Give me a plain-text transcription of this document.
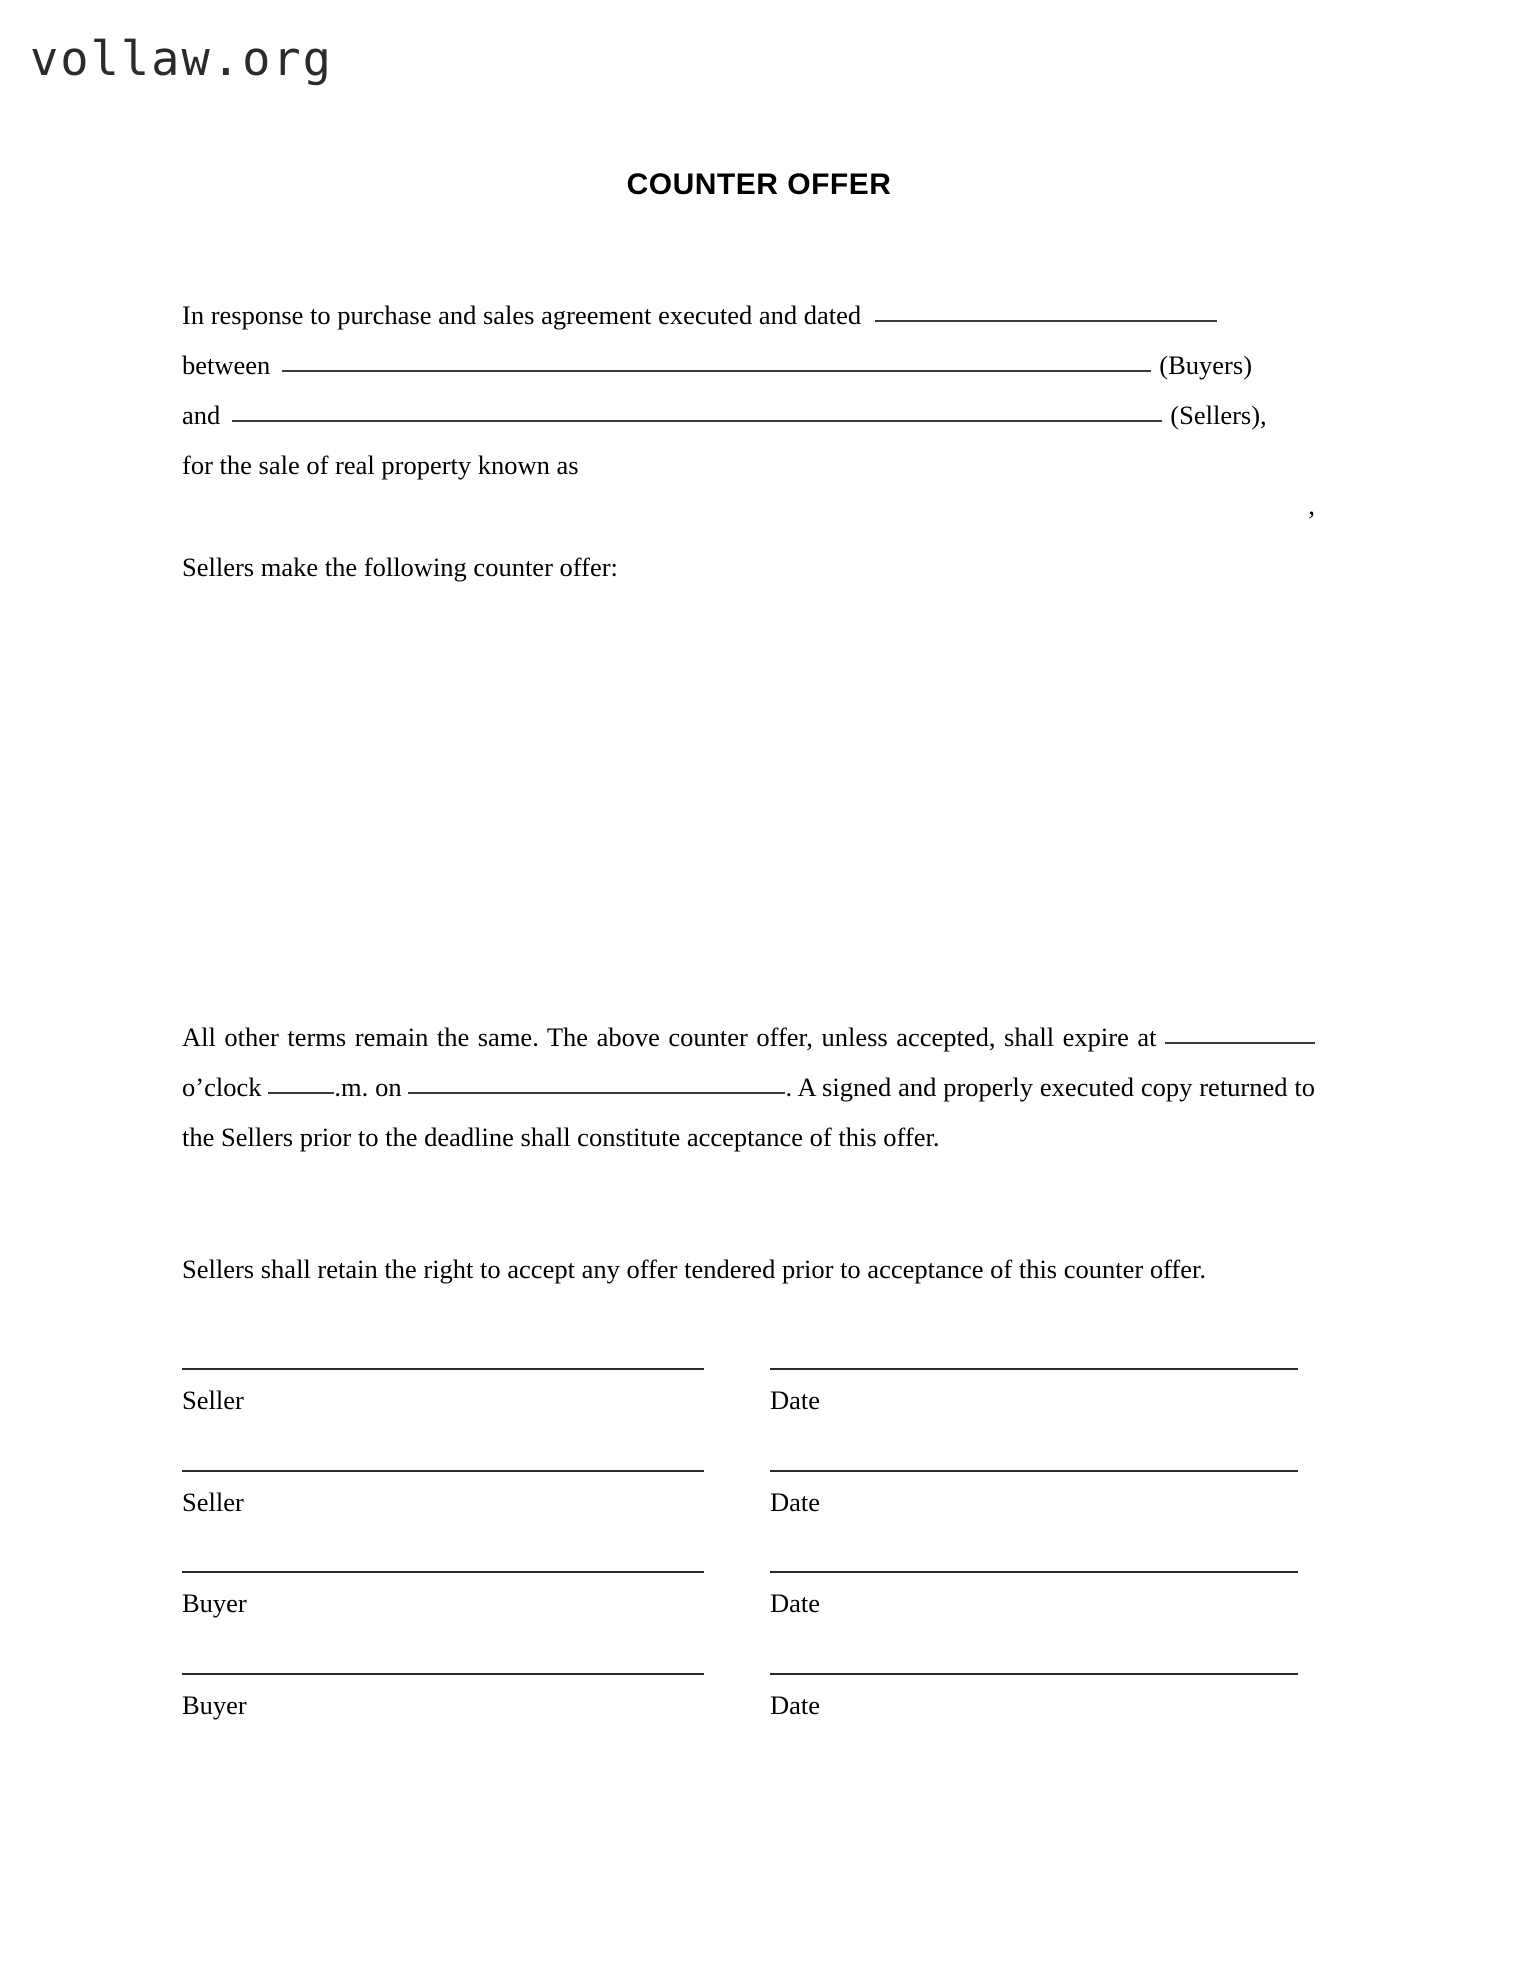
vollaw.org
COUNTER OFFER
In response to purchase and sales agreement executed and dated
between	(Buyers)
and	(Sellers),
for the sale of real property known as
,
Sellers make the following counter offer:
All other terms remain the same. The above counter offer, unless accepted, shall expire at  o’clock	.m. on	. A signed and properly executed copy returned to the Sellers prior to the deadline shall constitute acceptance of this offer.
Sellers shall retain the right to accept any offer tendered prior to acceptance of this counter offer.
Seller	Date
Seller	Date
Buyer	Date
Buyer	Date
